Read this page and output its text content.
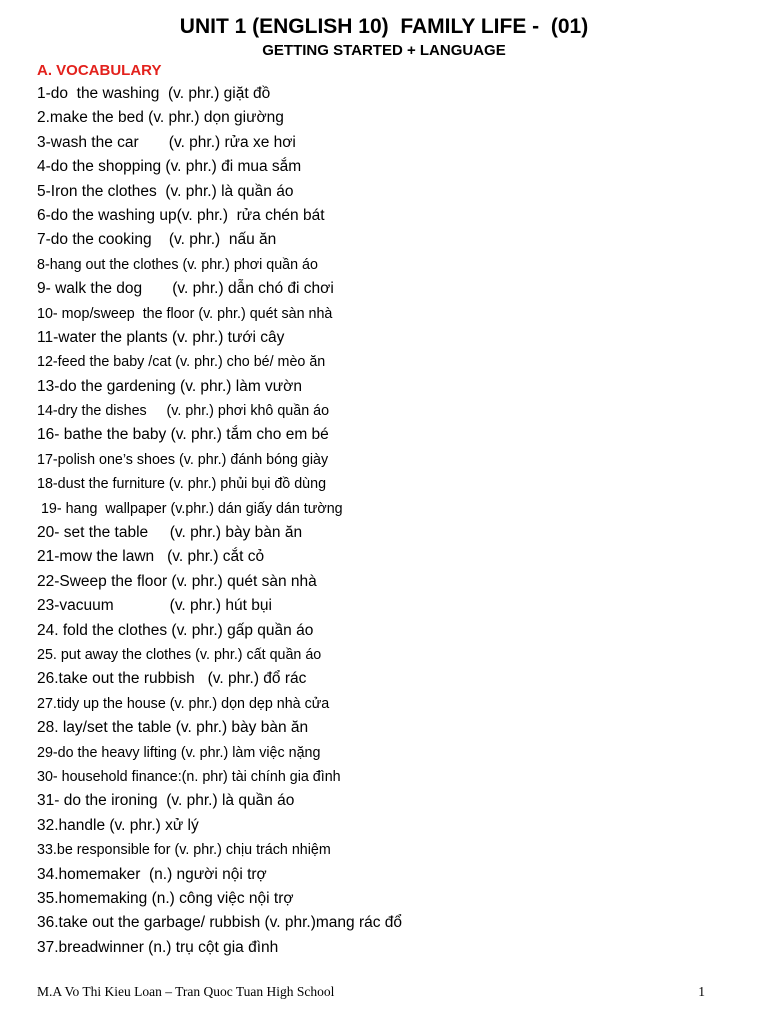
UNIT 1 (ENGLISH 10)  FAMILY LIFE -  (01)
GETTING STARTED + LANGUAGE
A. VOCABULARY
1-do  the washing  (v. phr.) giặt đồ
2.make the bed (v. phr.) dọn giường
3-wash the car       (v. phr.) rửa xe hơi
4-do the shopping (v. phr.) đi mua sắm
5-Iron the clothes  (v. phr.) là quần áo
6-do the washing up(v. phr.)  rửa chén bát
7-do the cooking    (v. phr.)  nấu ăn
8-hang out the clothes (v. phr.) phơi quần áo
9- walk the dog       (v. phr.) dẫn chó đi chơi
10- mop/sweep  the floor (v. phr.) quét sàn nhà
11-water the plants (v. phr.) tưới cây
12-feed the baby /cat (v. phr.) cho bé/ mèo ăn
13-do the gardening (v. phr.) làm vườn
14-dry the dishes     (v. phr.) phơi khô quần áo
16- bathe the baby (v. phr.) tắm cho em bé
17-polish one’s shoes (v. phr.) đánh bóng giày
18-dust the furniture (v. phr.) phủi bụi đồ dùng
19- hang  wallpaper (v.phr.) dán giấy dán tường
20- set the table     (v. phr.) bày bàn ăn
21-mow the lawn   (v. phr.) cắt cỏ
22-Sweep the floor (v. phr.) quét sàn nhà
23-vacuum             (v. phr.) hút bụi
24. fold the clothes (v. phr.) gấp quần áo
25. put away the clothes (v. phr.) cất quần áo
26.take out the rubbish   (v. phr.) đổ rác
27.tidy up the house (v. phr.) dọn dẹp nhà cửa
28. lay/set the table (v. phr.) bày bàn ăn
29-do the heavy lifting (v. phr.) làm việc nặng
30- household finance:(n. phr) tài chính gia đình
31- do the ironing  (v. phr.) là quần áo
32.handle (v. phr.) xử lý
33.be responsible for (v. phr.) chịu trách nhiệm
34.homemaker  (n.) người nội trợ
35.homemaking (n.) công việc nội trợ
36.take out the garbage/ rubbish (v. phr.)mang rác đổ
37.breadwinner (n.) trụ cột gia đình
M.A Vo Thi Kieu Loan – Tran Quoc Tuan High School	1
